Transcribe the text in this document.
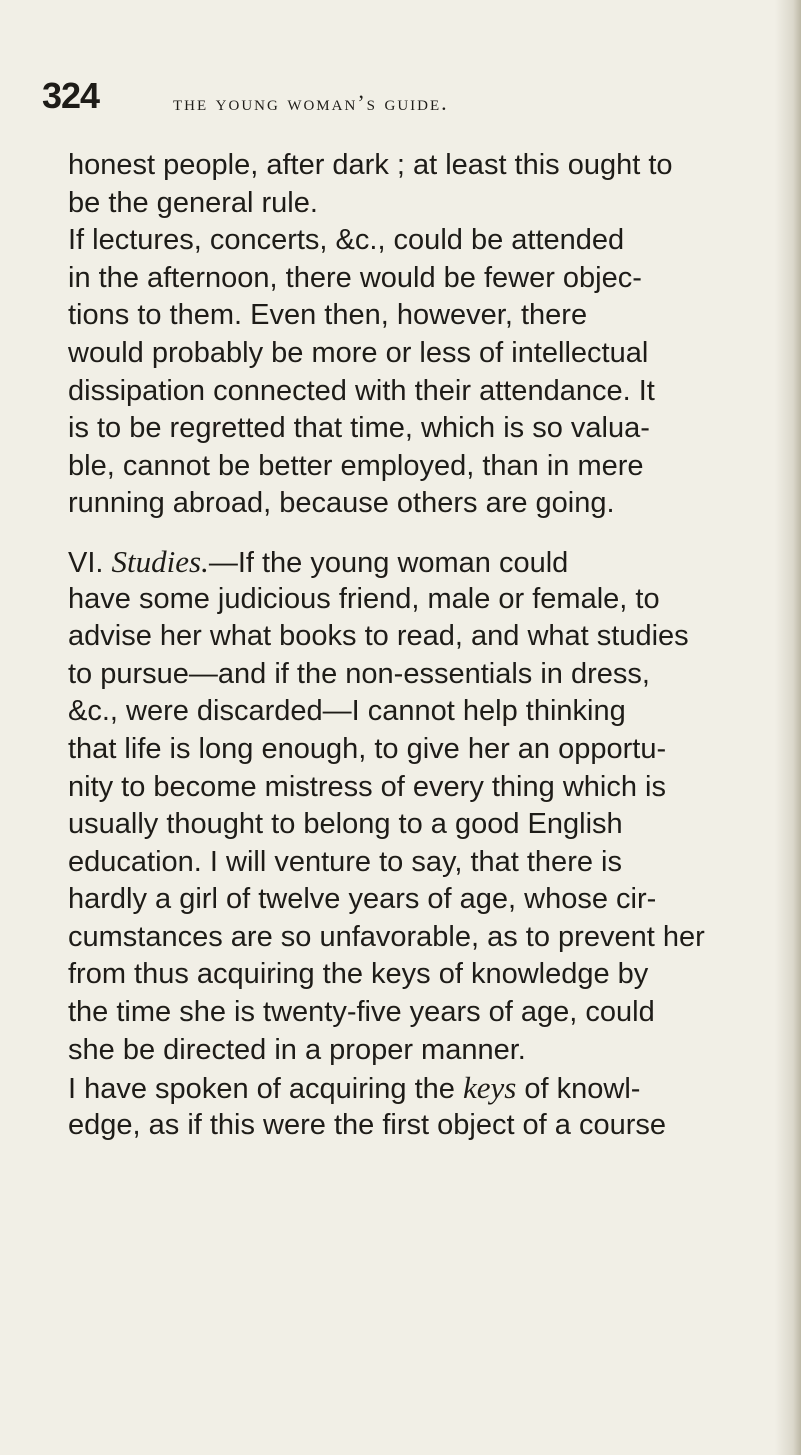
324	the young woman’s guide.
honest people, after dark ; at least this ought to
be the general rule.
If lectures, concerts, &c., could be attended
in the afternoon, there would be fewer objec-
tions to them. Even then, however, there
would probably be more or less of intellectual
dissipation connected with their attendance. It
is to be regretted that time, which is so valua-
ble, cannot be better employed, than in mere
running abroad, because others are going.
VI. Studies.—If the young woman could
have some judicious friend, male or female, to
advise her what books to read, and what studies
to pursue—and if the non-essentials in dress,
&c., were discarded—I cannot help thinking
that life is long enough, to give her an opportu-
nity to become mistress of every thing which is
usually thought to belong to a good English
education. I will venture to say, that there is
hardly a girl of twelve years of age, whose cir-
cumstances are so unfavorable, as to prevent her
from thus acquiring the keys of knowledge by
the time she is twenty-five years of age, could
she be directed in a proper manner.
I have spoken of acquiring the keys of knowl-
edge, as if this were the first object of a course
